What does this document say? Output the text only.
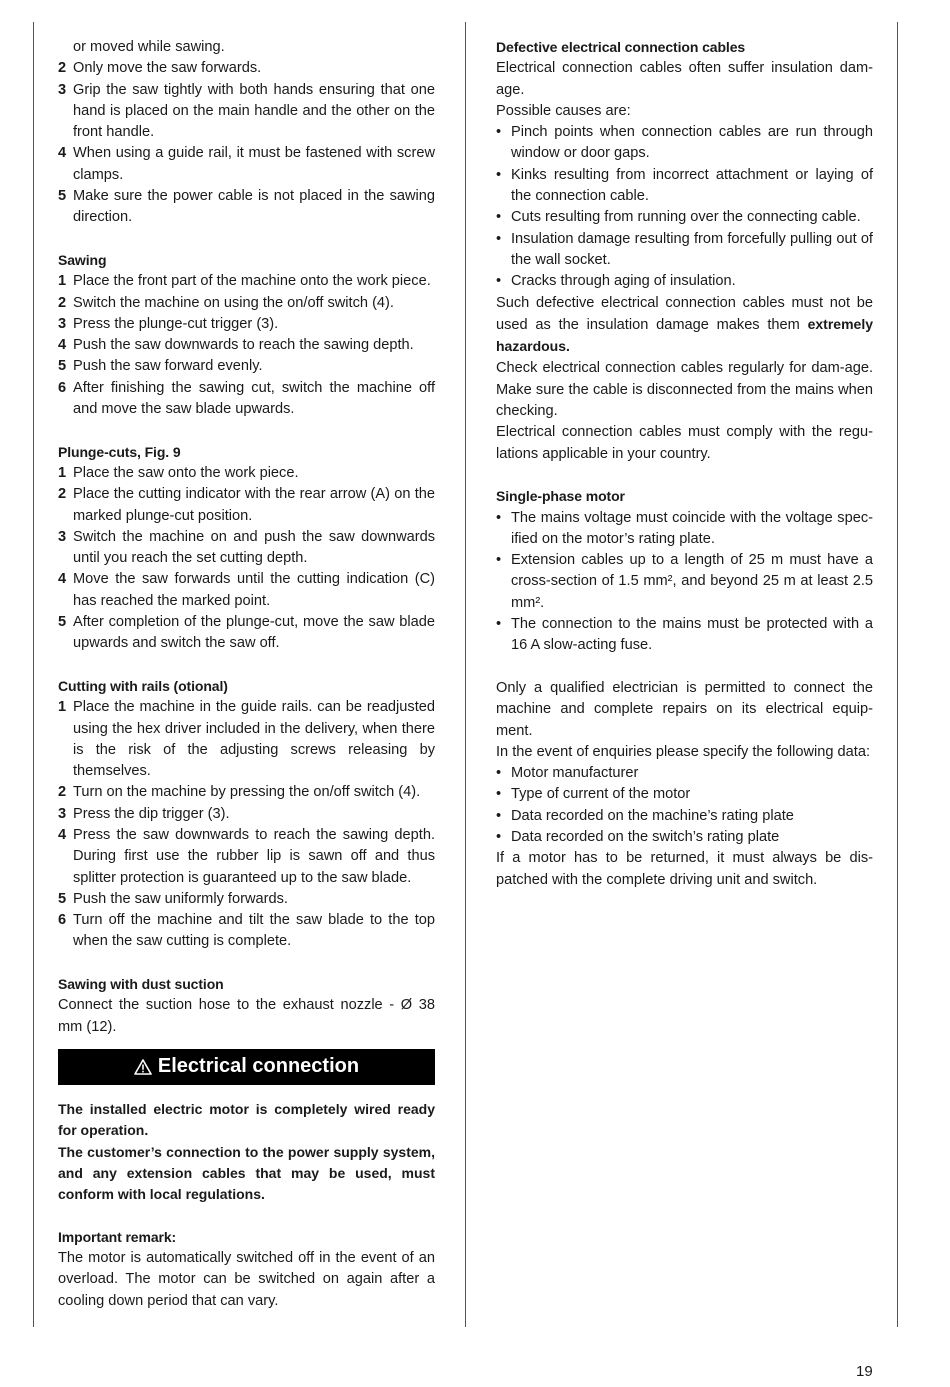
or moved while sawing.

2 Only move the saw forwards.
3 Grip the saw tightly with both hands ensuring that one hand is placed on the main handle and the other on the front handle.
4 When using a guide rail, it must be fastened with screw clamps.
5 Make sure the power cable is not placed in the sawing direction.

Sawing

1 Place the front part of the machine onto the work piece.
2 Switch the machine on using the on/off switch (4).
3 Press the plunge-cut trigger (3).
4 Push the saw downwards to reach the sawing depth.
5 Push the saw forward evenly.
6 After finishing the sawing cut, switch the machine off and move the saw blade upwards.

Plunge-cuts, Fig. 9

1 Place the saw onto the work piece.
2 Place the cutting indicator with the rear arrow (A) on the marked plunge-cut position.
3 Switch the machine on and push the saw downwards until you reach the set cutting depth.
4 Move the saw forwards until the cutting indication (C) has reached the marked point.
5 After completion of the plunge-cut, move the saw blade upwards and switch the saw off.

Cutting with rails (otional)

1 Place the machine in the guide rails. can be readjusted using the hex driver included in the delivery, when there is the risk of the adjusting screws releasing by themselves.
2 Turn on the machine by pressing the on/off switch (4).
3 Press the dip trigger (3).
4 Press the saw downwards to reach the sawing depth. During first use the rubber lip is sawn off and thus splitter protection is guaranteed up to the saw blade.
5 Push the saw uniformly forwards.
6 Turn off the machine and tilt the saw blade to the top when the saw cutting is complete.

Sawing with dust suction

Connect the suction hose to the exhaust nozzle - Ø 38 mm (12).

Electrical connection

The installed electric motor is completely wired ready for operation.

The customer’s connection to the power supply system, and any extension cables that may be used, must conform with local regulations.

Important remark:

The motor is automatically switched off in the event of an overload. The motor can be switched on again after a cooling down period that can vary.

Defective electrical connection cables

Electrical connection cables often suffer insulation dam-age.

Possible causes are:

• Pinch points when connection cables are run through window or door gaps.
• Kinks resulting from incorrect attachment or laying of the connection cable.
• Cuts resulting from running over the connecting cable.
• Insulation damage resulting from forcefully pulling out of the wall socket.
• Cracks through aging of insulation.

Such defective electrical connection cables must not be used as the insulation damage makes them extremely hazardous.

Check electrical connection cables regularly for dam-age. Make sure the cable is disconnected from the mains when checking.

Electrical connection cables must comply with the regu-lations applicable in your country.

Single-phase motor

• The mains voltage must coincide with the voltage spec-ified on the motor’s rating plate.
• Extension cables up to a length of 25 m must have a cross-section of 1.5 mm², and beyond 25 m at least 2.5 mm².
• The connection to the mains must be protected with a 16 A slow-acting fuse.

Only a qualified electrician is permitted to connect the machine and complete repairs on its electrical equip-ment.

In the event of enquiries please specify the following data:

• Motor manufacturer
• Type of current of the motor
• Data recorded on the machine’s rating plate
• Data recorded on the switch’s rating plate

If a motor has to be returned, it must always be dis-patched with the complete driving unit and switch.

19
